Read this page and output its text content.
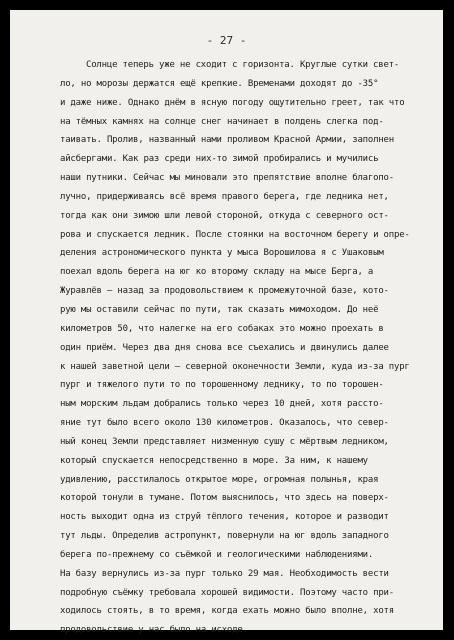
- 27 -
Солнце теперь уже не сходит с горизонта. Круглые сутки свет-
ло, но морозы держатся ещё крепкие. Временами доходят до -35°
и даже ниже. Однако днём в ясную погоду ощутительно греет, так что
на тёмных камнях на солнце снег начинает в полдень слегка под-
таивать. Пролив, названный нами проливом Красной Армии, заполнен
айсбергами. Как раз среди них-то зимой пробирались и мучились
наши путники. Сейчас мы миновали это препятствие вполне благопо-
лучно, придерживаясь всё время правого берега, где ледника нет,
тогда как они зимою шли левой стороной, откуда с северного ост-
рова и спускается ледник. После стоянки на восточном берегу и опре-
деления астрономического пункта у мыса Ворошилова я с Ушаковым
поехал вдоль берега на юг ко второму складу на мысе Берга, а
Журавлёв – назад за продовольствием к промежуточной базе, кото-
рую мы оставили сейчас по пути, так сказать мимоходом. До неё
километров 50, что налегке на его собаках это можно проехать в
один приём. Через два дня снова все съехались и двинулись далее
к нашей заветной цели – северной оконечности Земли, куда из-за пург
пург и тяжелого пути то по торошенному леднику, то по торошен-
ным морским льдам добрались только через 10 дней, хотя рассто-
яние тут было всего около 130 километров. Оказалось, что север-
ный конец Земли представляет низменную сушу с мёртвым ледником,
который спускается непосредственно в море. За ним, к нашему
удивлению, расстилалось открытое море, огромная полынья, края
которой тонули в тумане. Потом выяснилось, что здесь на поверх-
ность выходит одна из струй тёплого течения, которое и разводит
тут льды. Определив астропункт, повернули на юг вдоль западного
берега по-прежнему со съёмкой и геологическими наблюдениями.
На базу вернулись из-за пург только 29 мая. Необходимость вести
подробную съёмку требовала хорошей видимости. Поэтому часто при-
ходилось стоять, в то время, когда ехать можно было вполне, хотя
продовольствие у нас было на исходе.
